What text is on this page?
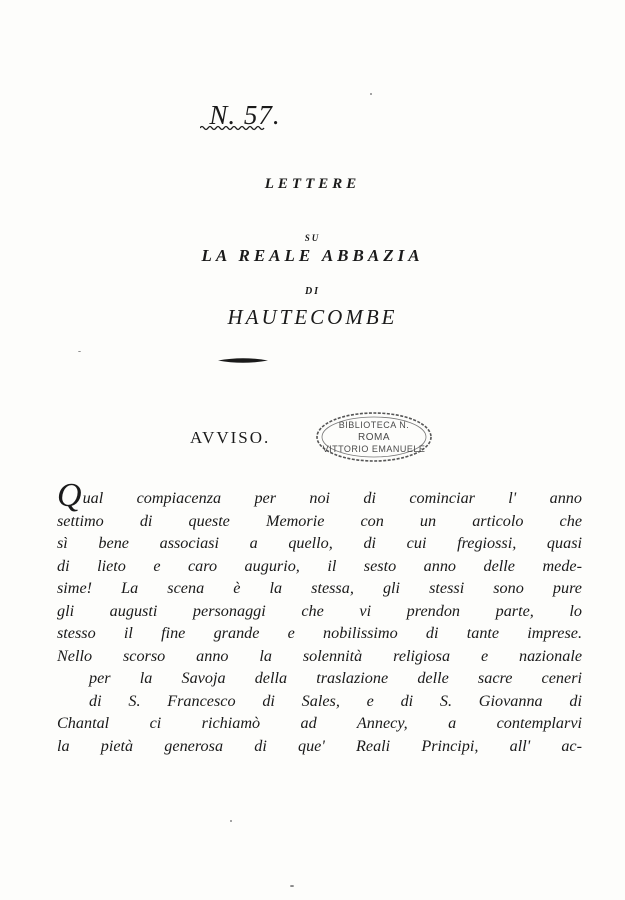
N. 57.
LETTERE
SU
LA REALE ABBAZIA
DI
HAUTECOMBE
AVVISO.
BIBLIOTECA N.
ROMA
VITTORIO EMANUELE
Qual compiacenza per noi di cominciar l' anno
settimo di queste Memorie con un articolo che
sì bene associasi a quello, di cui fregiossi, quasi
di lieto e caro augurio, il sesto anno delle mede-
sime! La scena è la stessa, gli stessi sono pure
gli augusti personaggi che vi prendon parte, lo
stesso il fine grande e nobilissimo di tante imprese.
Nello scorso anno la solennità religiosa e nazionale
per la Savoja della traslazione delle sacre ceneri
di S. Francesco di Sales, e di S. Giovanna di
Chantal ci richiamò ad Annecy, a contemplarvi
la pietà generosa di que' Reali Principi, all' ac-
